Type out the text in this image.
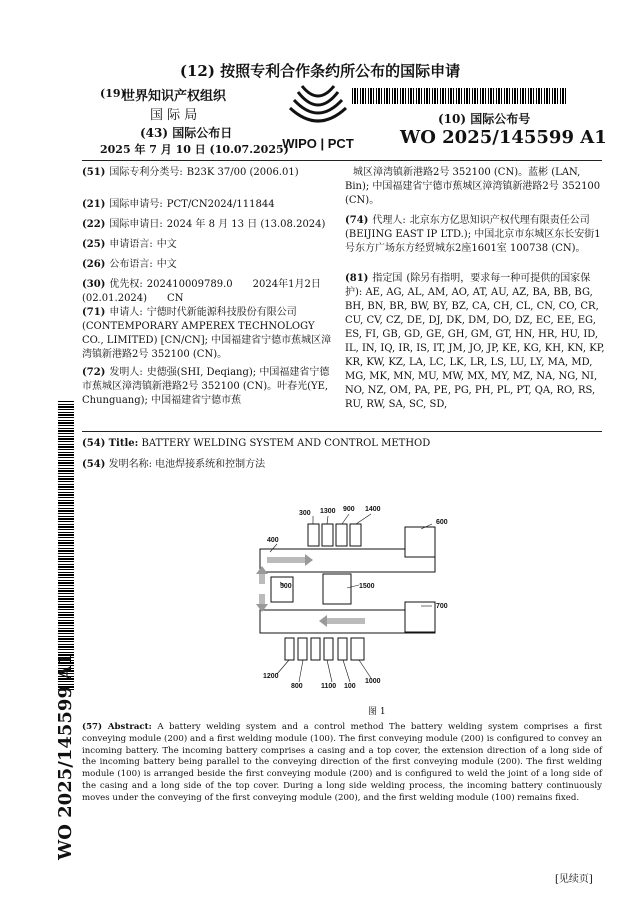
(12) 按照专利合作条约所公布的国际申请
(19)
世界知识产权组织
国 际 局
(43) 国际公布日
2025 年 7 月 10 日 (10.07.2025)
WIPO | PCT
(10) 国际公布号
WO 2025/145599 A1
(51) 国际专利分类号: B23K 37/00 (2006.01)
(21) 国际申请号: PCT/CN2024/111844
(22) 国际申请日: 2024 年 8 月 13 日 (13.08.2024)
(25) 申请语言: 中文
(26) 公布语言: 中文
(30) 优先权: 202410009789.0　　2024年1月2日 (02.01.2024)　　CN
(71) 申请人: 宁德时代新能源科技股份有限公司 (CONTEMPORARY AMPEREX TECHNOLOGY CO., LIMITED) [CN/CN]; 中国福建省宁德市蕉城区漳湾镇新港路2号 352100 (CN)。
(72) 发明人: 史德强(SHI, Deqiang); 中国福建省宁德市蕉城区漳湾镇新港路2号 352100 (CN)。叶春光(YE, Chunguang); 中国福建省宁德市蕉
城区漳湾镇新港路2号 352100 (CN)。蓝彬 (LAN, Bin); 中国福建省宁德市蕉城区漳湾镇新港路2号 352100 (CN)。
(74) 代理人: 北京东方亿思知识产权代理有限责任公司(BEIJING EAST IP LTD.); 中国北京市东城区东长安街1号东方广场东方经贸城东2座1601室 100738 (CN)。
(81) 指定国 (除另有指明，要求每一种可提供的国家保护): AE, AG, AL, AM, AO, AT, AU, AZ, BA, BB, BG, BH, BN, BR, BW, BY, BZ, CA, CH, CL, CN, CO, CR, CU, CV, CZ, DE, DJ, DK, DM, DO, DZ, EC, EE, EG, ES, FI, GB, GD, GE, GH, GM, GT, HN, HR, HU, ID, IL, IN, IQ, IR, IS, IT, JM, JO, JP, KE, KG, KH, KN, KP, KR, KW, KZ, LA, LC, LK, LR, LS, LU, LY, MA, MD, MG, MK, MN, MU, MW, MX, MY, MZ, NA, NG, NI, NO, NZ, OM, PA, PE, PG, PH, PL, PT, QA, RO, RS, RU, RW, SA, SC, SD,
(54) Title: BATTERY WELDING SYSTEM AND CONTROL METHOD
(54) 发明名称: 电池焊接系统和控制方法
300 1300 900 1400
600
400
500	1500
700
1200
800	1100 100
1000
图 1
(57) Abstract: A battery welding system and a control method The battery welding system comprises a first conveying module (200) and a first welding module (100). The first conveying module (200) is configured to convey an incoming battery. The incoming battery comprises a casing and a top cover, the extension direction of a long side of the incoming battery being parallel to the conveying direction of the first conveying module (200). The first welding module (100) is arranged beside the first conveying module (200) and is configured to weld the joint of a long side of the casing and a long side of the top cover. During a long side welding process, the incoming battery continuously moves under the conveying of the first conveying module (200), and the first welding module (100) remains fixed.
WO 2025/145599 A1
[见续页]
